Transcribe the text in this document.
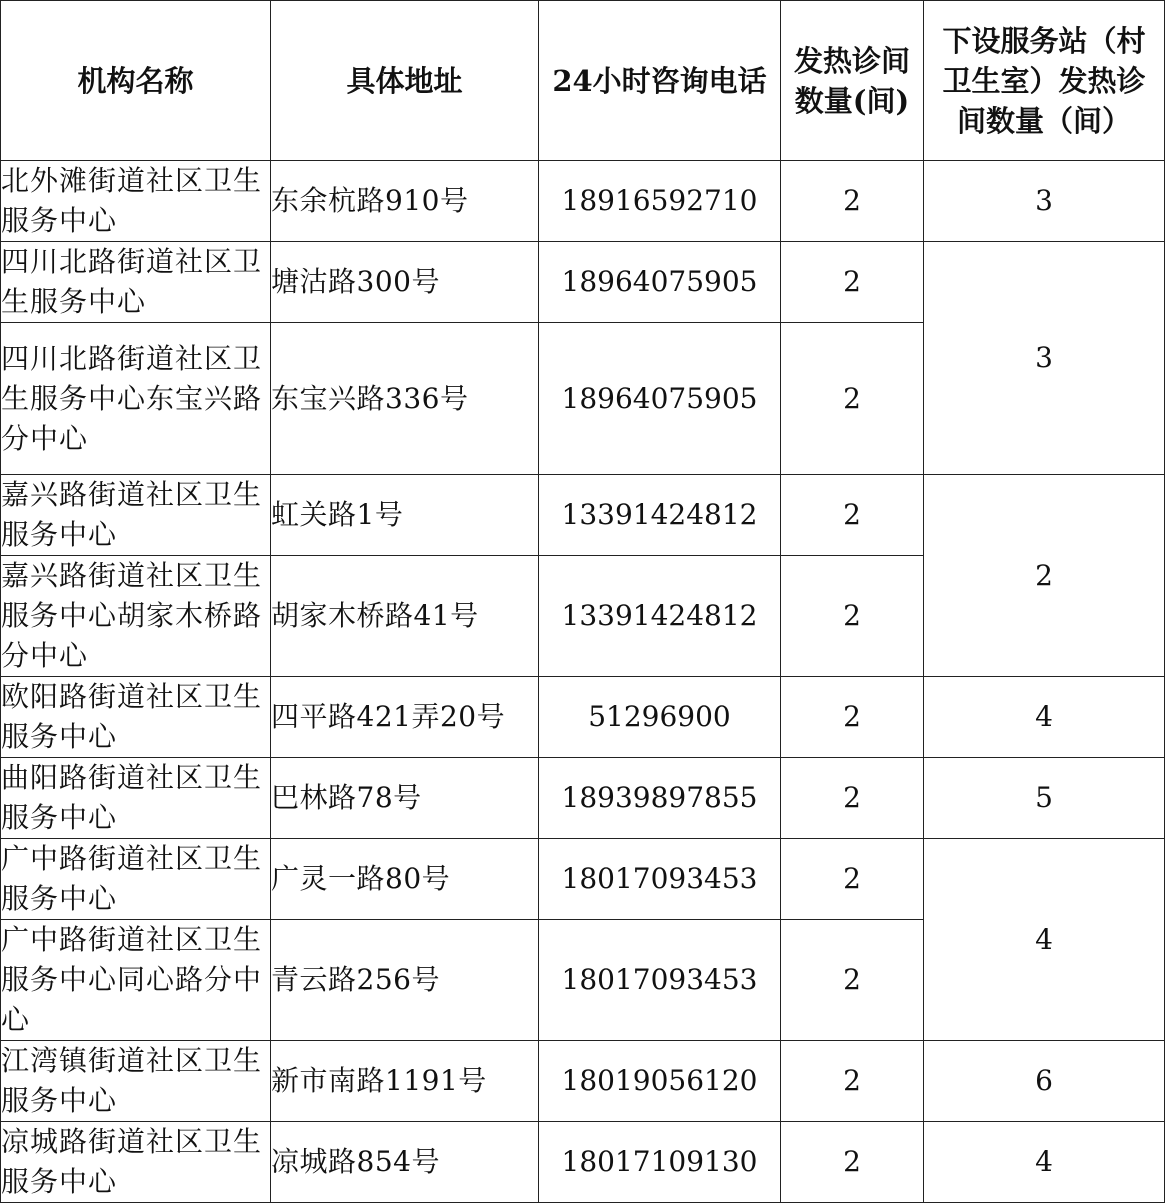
机构名称	具体地址	24小时咨询电话	发热诊间数量(间)	下设服务站（村卫生室）发热诊间数量（间）

北外滩街道社区卫生服务中心	东余杭路910号	18916592710	2	3
四川北路街道社区卫生服务中心	塘沽路300号	18964075905	2	3
四川北路街道社区卫生服务中心东宝兴路分中心	东宝兴路336号	18964075905	2	
嘉兴路街道社区卫生服务中心	虹关路1号	13391424812	2	2
嘉兴路街道社区卫生服务中心胡家木桥路分中心	胡家木桥路41号	13391424812	2	
欧阳路街道社区卫生服务中心	四平路421弄20号	51296900	2	4
曲阳路街道社区卫生服务中心	巴林路78号	18939897855	2	5
广中路街道社区卫生服务中心	广灵一路80号	18017093453	2	4
广中路街道社区卫生服务中心同心路分中心	青云路256号	18017093453	2	
江湾镇街道社区卫生服务中心	新市南路1191号	18019056120	2	6
凉城路街道社区卫生服务中心	凉城路854号	18017109130	2	4
